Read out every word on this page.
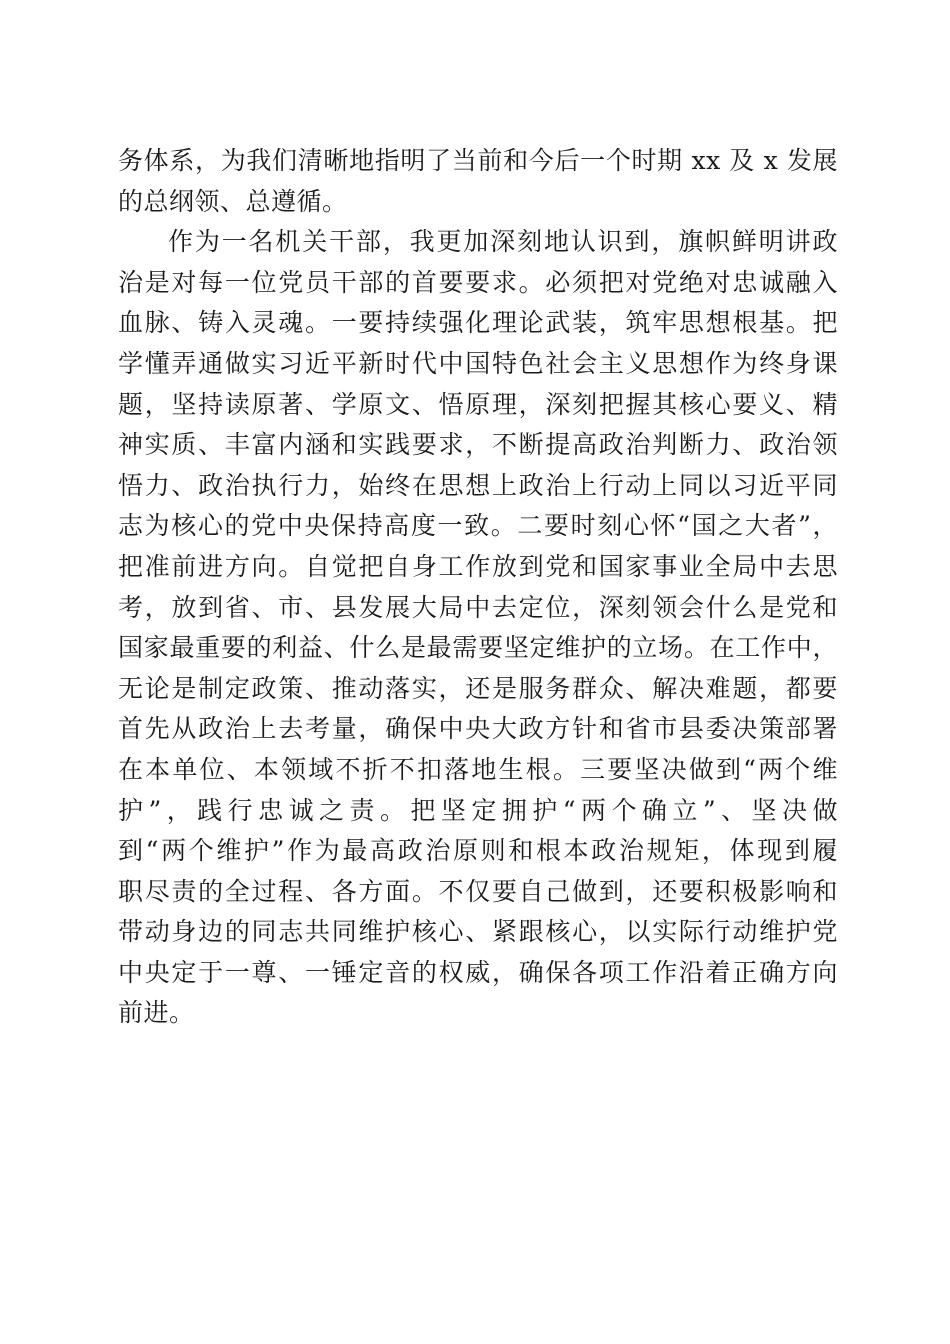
务体系，为我们清晰地指明了当前和今后一个时期 xx 及 x 发展
的总纲领、总遵循。
作为一名机关干部，我更加深刻地认识到，旗帜鲜明讲政
治是对每一位党员干部的首要要求。必须把对党绝对忠诚融入
血脉、铸入灵魂。一要持续强化理论武装，筑牢思想根基。把
学懂弄通做实习近平新时代中国特色社会主义思想作为终身课
题，坚持读原著、学原文、悟原理，深刻把握其核心要义、精
神实质、丰富内涵和实践要求，不断提高政治判断力、政治领
悟力、政治执行力，始终在思想上政治上行动上同以习近平同
志为核心的党中央保持高度一致。二要时刻心怀“国之大者”，
把准前进方向。自觉把自身工作放到党和国家事业全局中去思
考，放到省、市、县发展大局中去定位，深刻领会什么是党和
国家最重要的利益、什么是最需要坚定维护的立场。在工作中，
无论是制定政策、推动落实，还是服务群众、解决难题，都要
首先从政治上去考量，确保中央大政方针和省市县委决策部署
在本单位、本领域不折不扣落地生根。三要坚决做到“两个维
护”，践行忠诚之责。把坚定拥护“两个确立”、坚决做
到“两个维护”作为最高政治原则和根本政治规矩，体现到履
职尽责的全过程、各方面。不仅要自己做到，还要积极影响和
带动身边的同志共同维护核心、紧跟核心，以实际行动维护党
中央定于一尊、一锤定音的权威，确保各项工作沿着正确方向
前进。
